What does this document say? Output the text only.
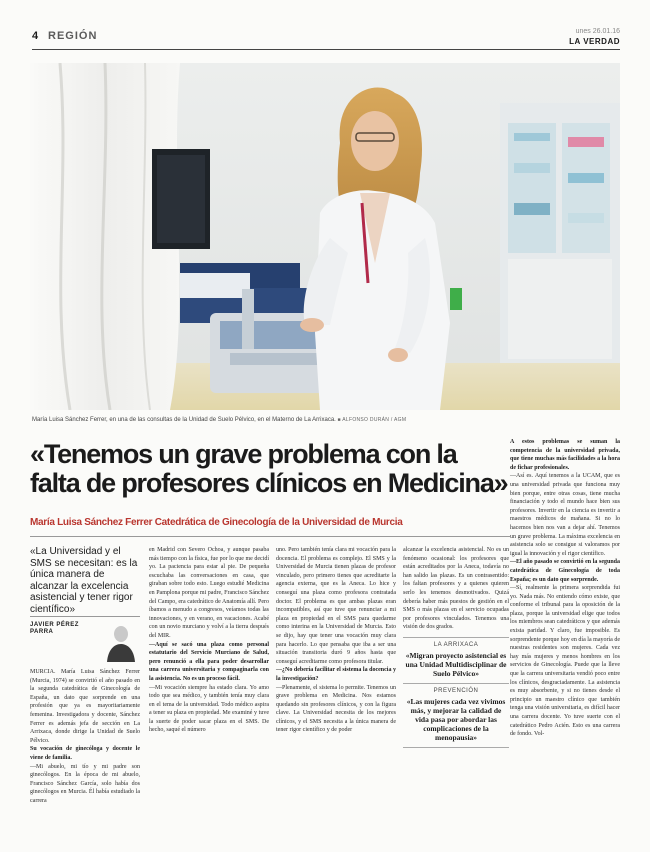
4 REGIÓN	unes 26.01.16
LA VERDAD
María Luisa Sánchez Ferrer, en una de las consultas de la Unidad de Suelo Pélvico, en el Materno de La Arrixaca. ■ ALFONSO DURÁN / AGM
«Tenemos un grave problema con la falta de profesores clínicos en Medicina»
María Luisa Sánchez Ferrer Catedrática de Ginecología de la Universidad de Murcia
«La Universidad y el SMS se necesitan: es la única manera de alcanzar la excelencia asistencial y tener rigor científico»
JAVIER PÉREZ
PARRA
MURCIA. María Luisa Sánchez Ferrer (Murcia, 1974) se convirtió el año pasado en la segunda catedrática de Ginecología de España, un dato que sorprende en una profesión que ya es mayoritariamente femenina. Investigadora y docente, Sánchez Ferrer es además jefa de sección en La Arrixaca, donde dirige la Unidad de Suelo Pélvico.
Su vocación de ginecóloga y docente le viene de familia.
—Mi abuelo, mi tío y mi padre son ginecólogos. En la época de mi abuelo, Francisco Sánchez García, solo había dos ginecólogos en Murcia. Él había estudiado la carrera
en Madrid con Severo Ochoa, y aunque pasaba más tiempo con la física, fue por lo que me decidí yo. La paciencia para estar al pie. De pequeña escuchaba las conversaciones en casa, que giraban sobre todo esto. Luego estudié Medicina en Pamplona porque mi padre, Francisco Sánchez del Campo, era catedrático de Anatomía allí. Pero íbamos a menudo a congresos, veíamos todas las innovaciones, y en verano, en vacaciones. Acabé con un novio murciano y volví a la tierra después del MIR.
—Aquí se sacó una plaza como personal estatutario del Servicio Murciano de Salud, pero renunció a ella para poder desarrollar una carrera universitaria y compaginarla con la asistencia. No es un proceso fácil.
—Mi vocación siempre ha estado clara. Yo amo todo que sea médico, y también tenía muy clara en el tema de la universidad. Todo médico aspira a tener su plaza en propiedad. Me examiné y tuve la suerte de poder sacar plaza en el SMS. De hecho, saqué el número
uno. Pero también tenía clara mi vocación para la docencia. El problema es complejo. El SMS y la Universidad de Murcia tienen plazas de profesor vinculado, pero primero tienes que acreditarte la agencia externa, que es la Aneca. Lo hice y conseguí una plaza como profesora contratada doctor. El problema es que ambas plazas eran incompatibles, así que tuve que renunciar a mi plaza en propiedad en el SMS para quedarme como interina en la Universidad de Murcia. Esto se dijo, hay que tener una vocación muy clara para hacerlo. Lo que pensaba que iba a ser una situación transitoria duró 9 años hasta que conseguí acreditarme como profesora titular.
—¿No debería facilitar el sistema la docencia y la investigación?
—Plenamente, el sistema lo permite. Tenemos un grave problema en Medicina. Nos estamos quedando sin profesores clínicos, y con la figura clave. La Universidad necesita de los mejores clínicos, y el SMS necesita a la única manera de tener rigor científico y de poder
alcanzar la excelencia asistencial. No es un fenómeno ocasional: los profesores que están acreditados por la Aneca, todavía no han salido las plazas. Es un contrasentido: los faltan profesores y a quienes quieren serlo les tenemos desmotivados. Quizá debería haber más puestos de gestión en el SMS o más plazas en el servicio ocupadas por profesores vinculados. Tenemos una visión de dos grados.
LA ARRIXACA
«Migran proyecto asistencial es una Unidad Multidisciplinar de Suelo Pélvico»
PREVENCIÓN
«Las mujeres cada vez vivimos más, y mejorar la calidad de vida pasa por abordar las complicaciones de la menopausia»
A estos problemas se suman la competencia de la universidad privada, que tiene muchas más facilidades a la hora de fichar profesionales.
—Así es. Aquí tenemos a la UCAM, que es una universidad privada que funciona muy bien porque, entre otras cosas, tiene mucha financiación y todo el mundo hace bien sus profesores. Invertir en la ciencia es invertir a maestros médicos de mañana. Si no lo hacemos bien nos van a dejar ahí. Tenemos un grave problema. La máxima excelencia en asistencia solo se consigue si valoramos por igual la innovación y el rigor científico.
—El año pasado se convirtió en la segunda catedrática de Ginecología de toda España; es un dato que sorprende.
—Sí, realmente la primera sorprendida fui yo. Nada más. No entiendo cómo existe, que conforme el tribunal para la oposición de la plaza, porque la universidad elige que todos los miembros sean catedráticos y que además exista paridad. Y claro, fue imposible. Es sorprendente porque hoy en día la mayoría de nuestras residentes son mujeres. Cada vez hay más mujeres y menos hombres en los servicios de Ginecología. Puede que la lleve que la carrera universitaria vendió poco entre los clínicos, desgraciadamente. La asistencia es muy absorbente, y si no tienes desde el principio un maestro clínico que también tenga una visión universitaria, es difícil hacer una carrera docente. Yo tuve suerte con el catedrático Pedro Acién. Esto es una carrera de fondo. Vol-
